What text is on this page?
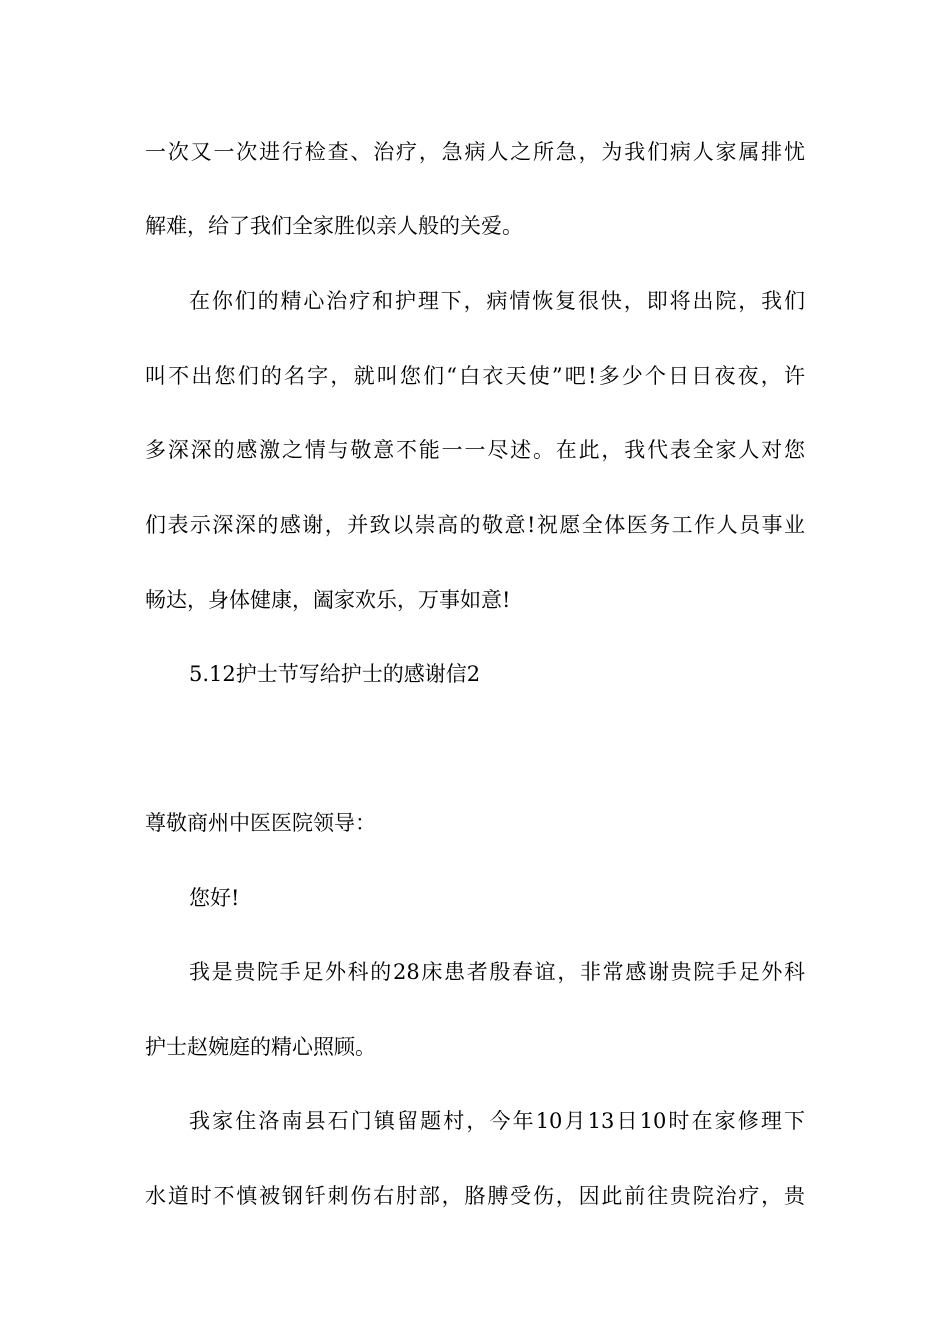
一次又一次进行检查、治疗，急病人之所急，为我们病人家属排忧
解难，给了我们全家胜似亲人般的关爱。
在你们的精心治疗和护理下，病情恢复很快，即将出院，我们
叫不出您们的名字，就叫您们“白衣天使”吧!多少个日日夜夜，许
多深深的感激之情与敬意不能一一尽述。在此，我代表全家人对您
们表示深深的感谢，并致以崇高的敬意!祝愿全体医务工作人员事业
畅达，身体健康，阖家欢乐，万事如意!
5.12护士节写给护士的感谢信2
尊敬商州中医医院领导：
您好!
我是贵院手足外科的28床患者殷春谊，非常感谢贵院手足外科
护士赵婉庭的精心照顾。
我家住洛南县石门镇留题村，今年10月13日10时在家修理下
水道时不慎被钢钎刺伤右肘部，胳膊受伤，因此前往贵院治疗，贵
